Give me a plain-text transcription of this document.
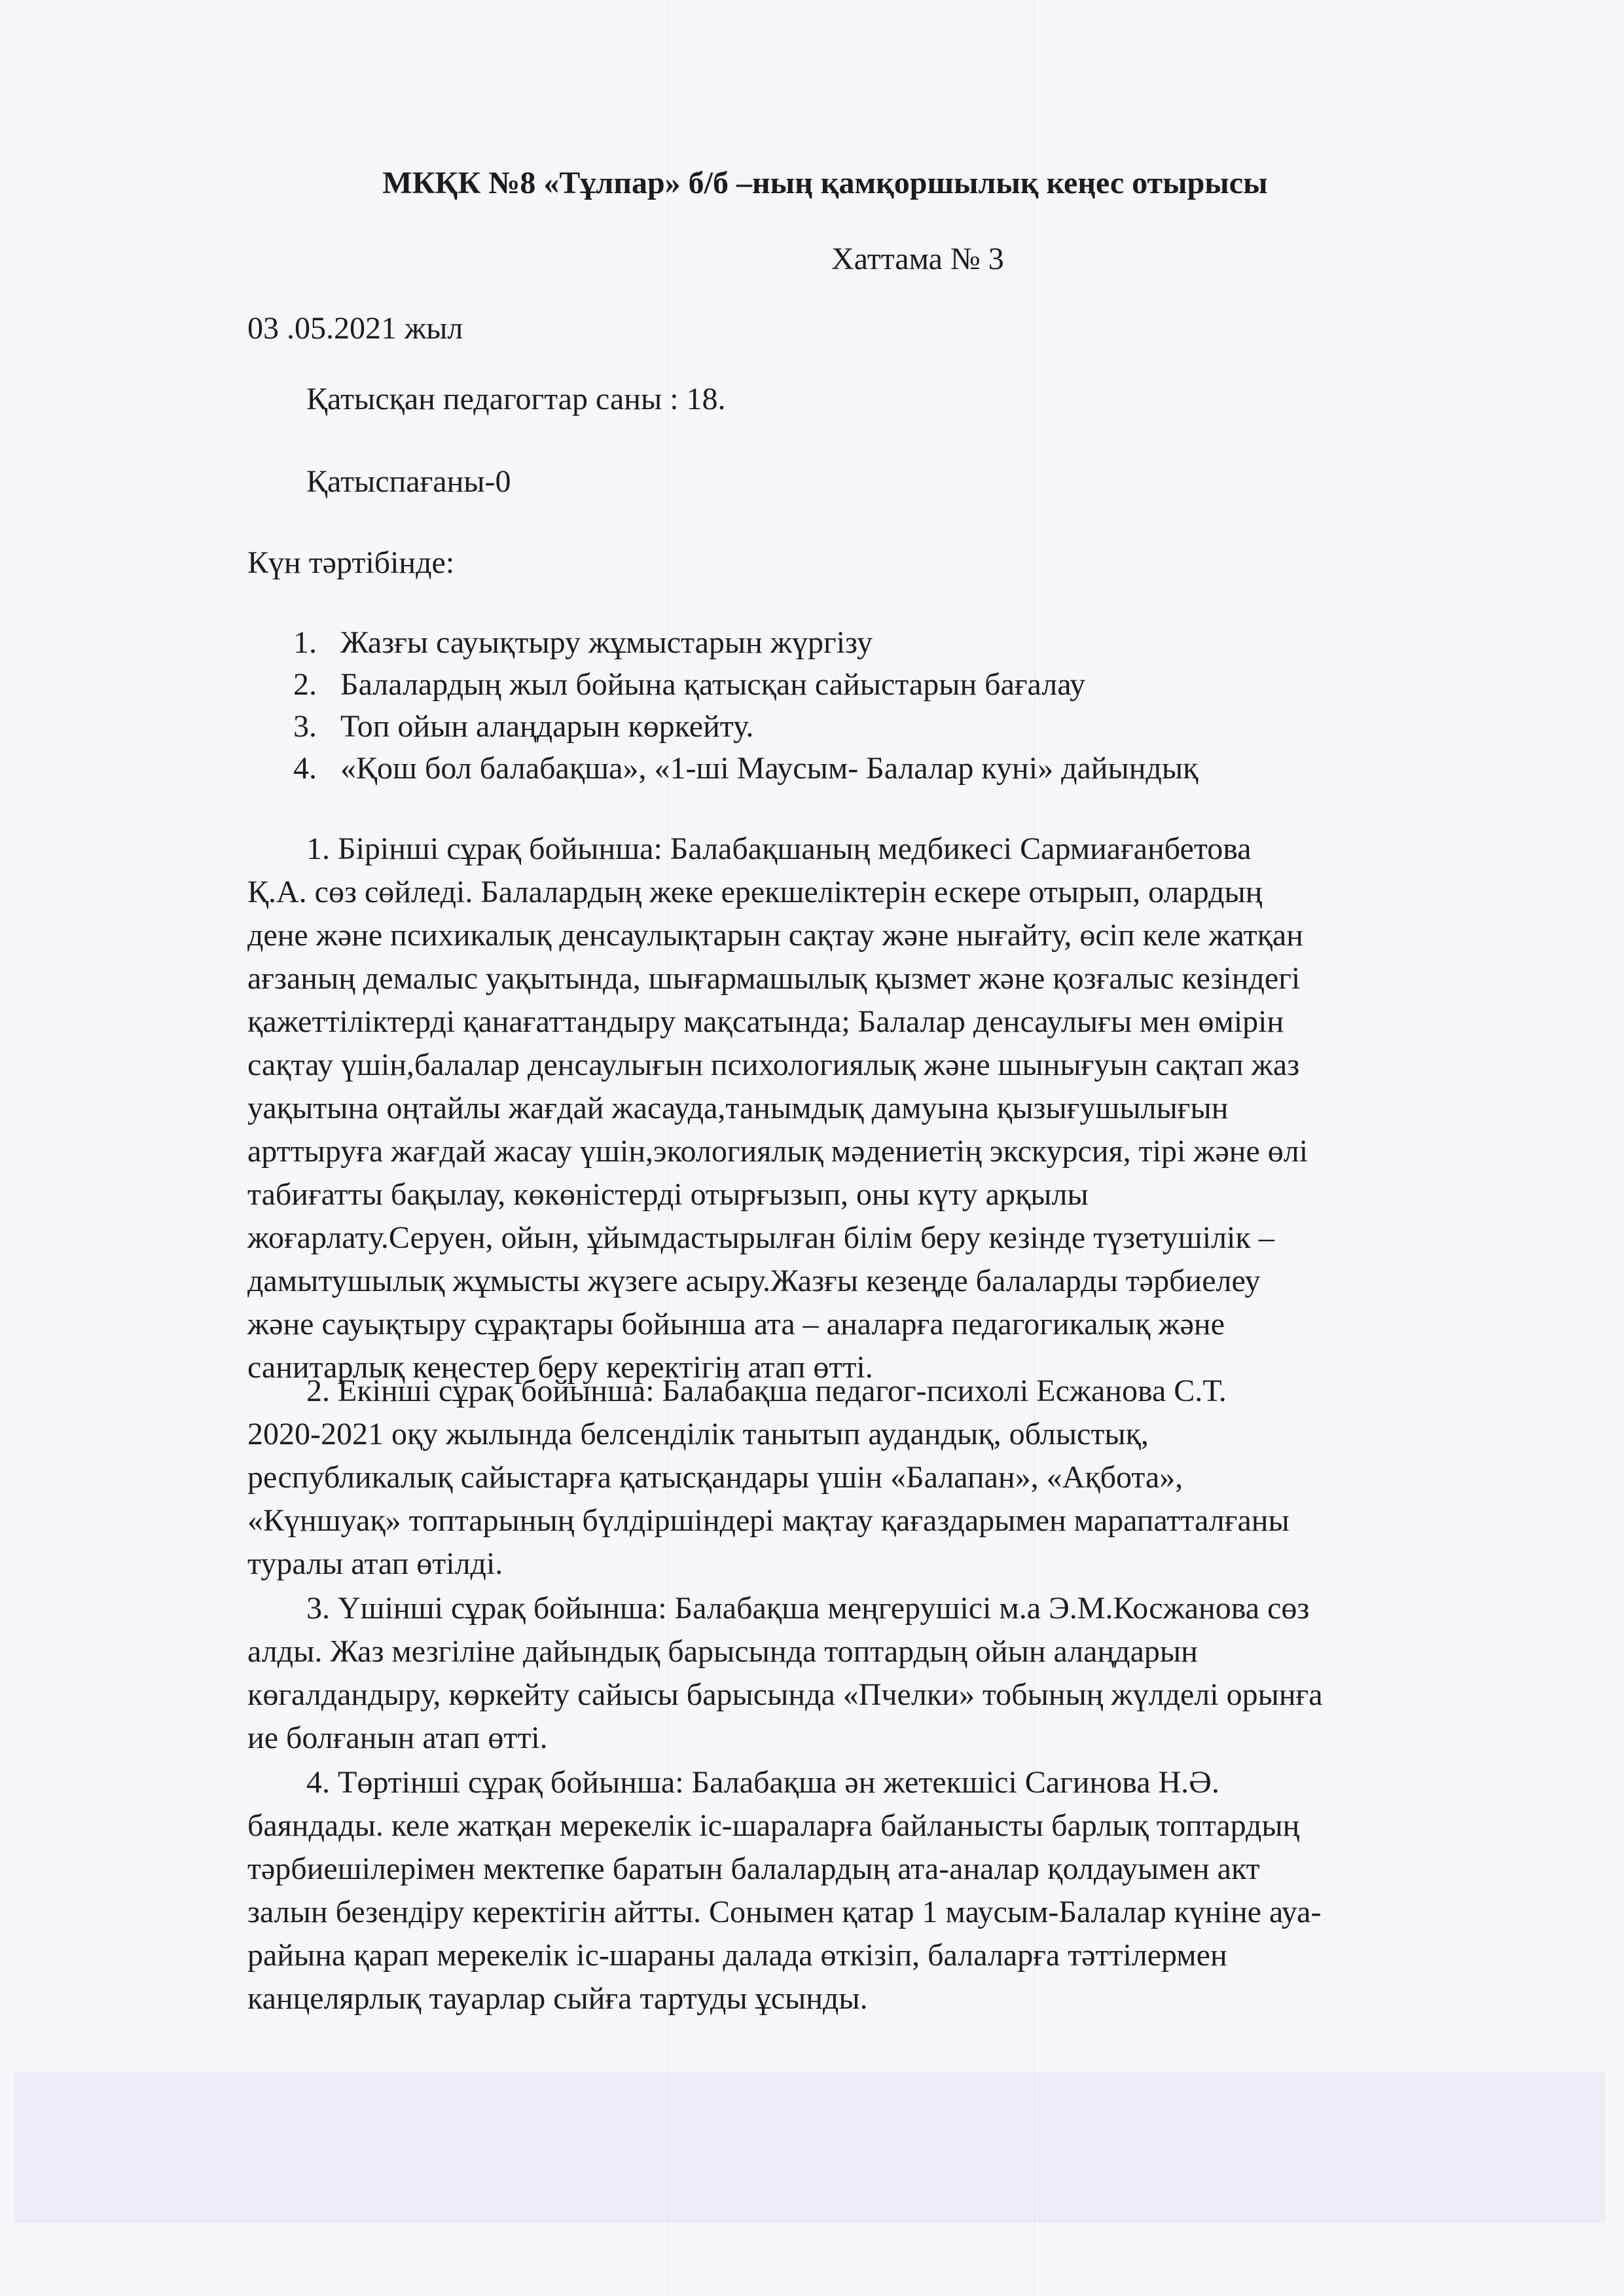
МКҚК №8 «Тұлпар» б/б –ның қамқоршылық кеңес отырысы
Хаттама № 3
03 .05.2021 жыл
Қатысқан педагогтар саны : 18.
Қатысп​ағаны-0
Күн тәртібінде:
1. Жазғы сауықтыру жұмыстарын жүргізу
2. Балалардың жыл бойына қатысқан сайыстарын бағалау
3. Топ ойын алаңдарын көркейту.
4. «Қош бол балабақша», «1-ші Маусым- Балалар куні» дайындық
1. Бірінші сұрақ бойынша: Балабақшаның медбикесі Сармиағанбетова
Қ.А. сөз сөйледі. Балалардың жеке ерекшеліктерін ескере отырып, олардың
дене және психикалық денсаулықтарын сақтау және нығайту, өсіп келе жатқан
ағзаның демалыс уақытында, шығармашылық қызмет және қозғалыс кезіндегі
қажеттіліктерді қанағаттандыру мақсатында; Балалар денсаулығы мен өмірін
сақтау үшін,балалар денсаулығын психологиялық және шынығуын сақтап жаз
уақытына оңтайлы жағдай жасауда,танымдық дамуына қызығушылығын
арттыруға жағдай жасау үшін,экологиялық мәдениетің экскурсия, тірі және өлі
табиғатты бақылау, көкөністерді отырғызып, оны күту арқылы
жоғарлату.Серуен, ойын, ұйымдастырылған білім беру кезінде түзетушілік –
дамытушылық жұмысты жүзеге асыру.Жазғы кезеңде балаларды тәрбиелеу
және сауықтыру сұрақтары бойынша ата – аналарға педагогикалық және
санитарлық кеңестер беру керектігін атап өтті.
2. Екінші сұрақ бойынша: Балабақша педагог-психолі Есжанова С.Т.
2020-2021 оқу жылында белсенділік танытып аудандық, облыстық,
республикалық сайыстарға қатысқандары үшін «Балапан», «Ақбота»,
«Күншуақ» топтарының бүлдіршіндері мақтау қағаздарымен марапатталғаны
туралы атап өтілді.
3. Үшінші сұрақ бойынша: Балабақша меңгерушісі м.а Э.М.Косжанова сөз
алды. Жаз мезгіліне дайындық барысында топтардың ойын алаңдарын
көгалдандыру, көркейту сайысы барысында «Пчелки» тобының жүлделі орынға
ие болғанын атап өтті.
4. Төртінші сұрақ бойынша: Балабақша ән жетекшісі Сагинова Н.Ә.
баяндады. келе жатқан мерекелік іс-шараларға байланысты барлық топтардың
тәрбиешілерімен мектепке баратын балалардың ата-аналар қолдауымен акт
залын безендіру керектігін айтты. Сонымен қатар 1 маусым-Балалар күніне ауа-
райына қарап мерекелік іс-шараны далада өткізіп, балаларға тәттілермен
канцелярлық тауарлар сыйға тартуды ұсынды.
